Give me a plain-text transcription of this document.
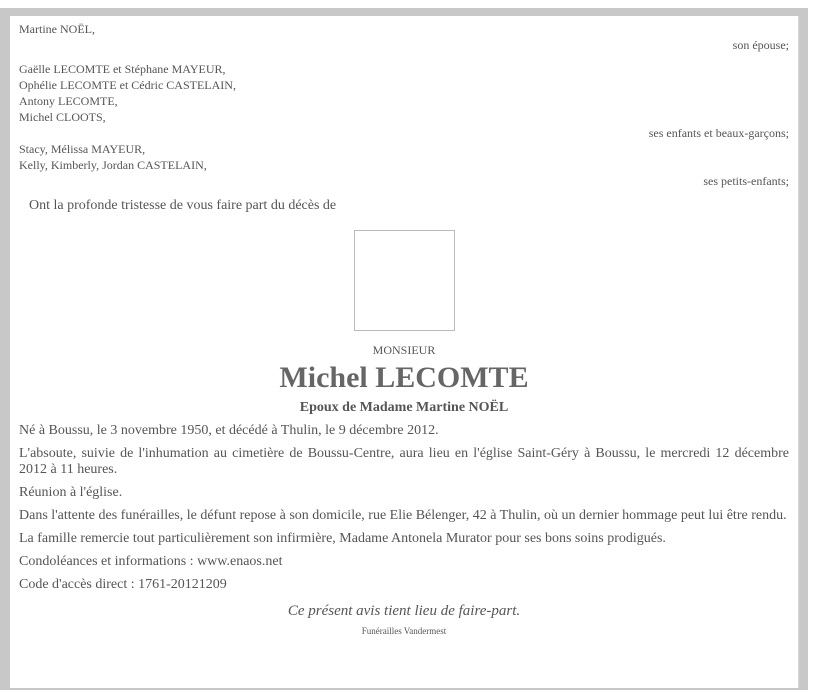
Martine NOËL,
son épouse;
Gaëlle LECOMTE et Stéphane MAYEUR,
Ophélie LECOMTE et Cédric CASTELAIN,
Antony LECOMTE,
Michel CLOOTS,
ses enfants et beaux-garçons;
Stacy, Mélissa MAYEUR,
Kelly, Kimberly, Jordan CASTELAIN,
ses petits-enfants;
Ont la profonde tristesse de vous faire part du décès de
MONSIEUR
Michel LECOMTE
Epoux de Madame Martine NOËL
Né à Boussu, le 3 novembre 1950, et décédé à Thulin, le 9 décembre 2012.
L'absoute, suivie de l'inhumation au cimetière de Boussu-Centre, aura lieu en l'église Saint-Géry à Boussu, le mercredi 12 décembre 2012 à 11 heures.
Réunion à l'église.
Dans l'attente des funérailles, le défunt repose à son domicile, rue Elie Bélenger, 42 à Thulin, où un dernier hommage peut lui être rendu.
La famille remercie tout particulièrement son infirmière, Madame Antonela Murator pour ses bons soins prodigués.
Condoléances et informations : www.enaos.net
Code d'accès direct : 1761-20121209
Ce présent avis tient lieu de faire-part.
Funérailles Vandermest
